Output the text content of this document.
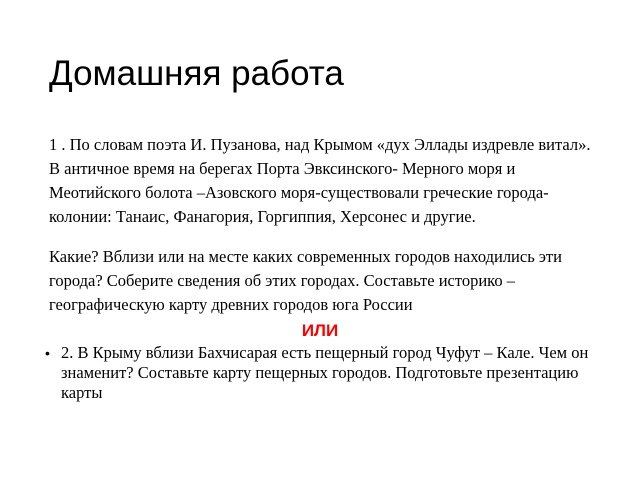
Домашняя работа
1 . По словам поэта И. Пузанова, над Крымом «дух Эллады издревле витал». В античное время на берегах Порта Эвксинского- Мерного моря и Меотийского болота –Азовского моря-существовали греческие города-колонии: Танаис, Фанагория, Горгиппия, Херсонес и другие.
Какие? Вблизи или на месте каких современных городов находились эти города? Соберите сведения об этих городах. Составьте историко –географическую карту древних городов юга России
ИЛИ
• 2. В Крыму вблизи Бахчисарая есть пещерный город Чуфут – Кале. Чем он знаменит? Составьте карту пещерных городов. Подготовьте презентацию карты
